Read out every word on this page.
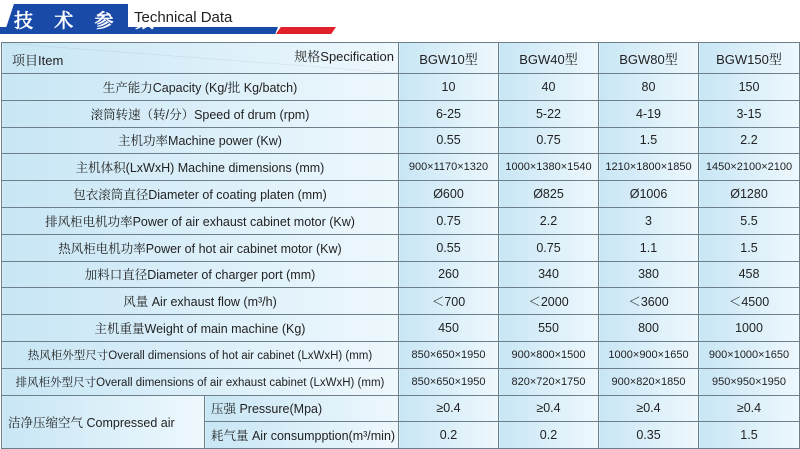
技 术 参 数
Technical Data
项目Item 规格Specification		BGW10型	BGW40型	BGW80型	BGW150型
生产能力Capacity (Kg/批 Kg/batch)		10	40	80	150
滚筒转速（转/分）Speed of drum (rpm)		6-25	5-22	4-19	3-15
主机功率Machine power (Kw)		0.55	0.75	1.5	2.2
主机体积(LxWxH) Machine dimensions (mm)		900×1170×1320	1000×1380×1540	1210×1800×1850	1450×2100×2100
包衣滚筒直径Diameter of coating platen (mm)		Ø600	Ø825	Ø1006	Ø1280
排风柜电机功率Power of air exhaust cabinet motor (Kw)		0.75	2.2	3	5.5
热风柜电机功率Power of hot air cabinet motor (Kw)		0.55	0.75	1.1	1.5
加料口直径Diameter of charger port (mm)		260	340	380	458
风量 Air exhaust flow (m³/h)		＜700	＜2000	＜3600	＜4500
主机重量Weight of main machine (Kg)		450	550	800	1000
热风柜外型尺寸Overall dimensions of hot air cabinet (LxWxH) (mm)		850×650×1950	900×800×1500	1000×900×1650	900×1000×1650
排风柜外型尺寸Overall dimensions of air exhaust cabinet (LxWxH) (mm)		850×650×1950	820×720×1750	900×820×1850	950×950×1950
洁净压缩空气 Compressed air	压强 Pressure(Mpa)	≥0.4	≥0.4	≥0.4	≥0.4
	耗气量 Air consumpption(m³/min)	0.2	0.2	0.35	1.5
